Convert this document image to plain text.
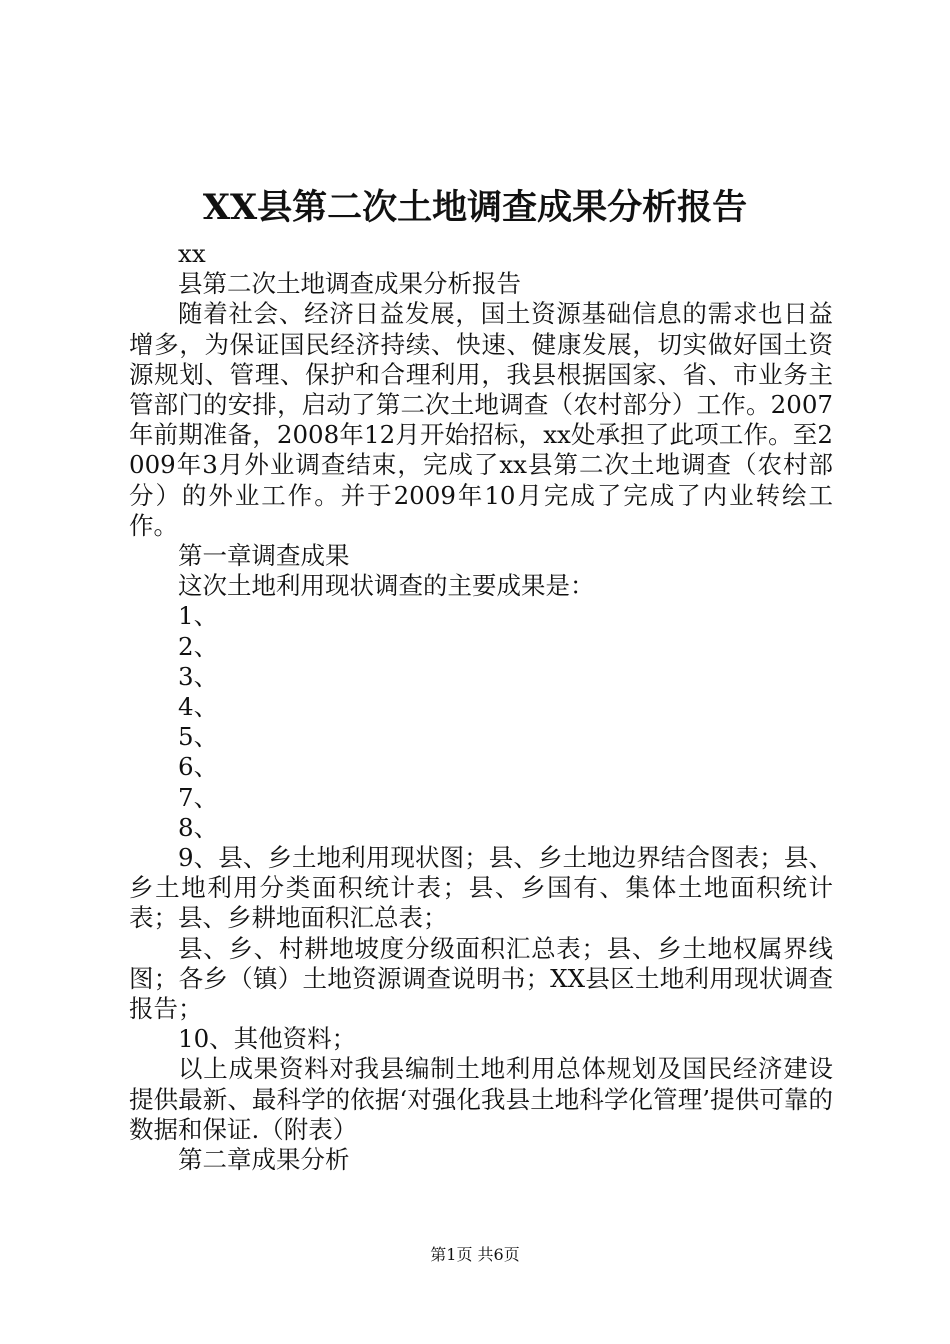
XX县第二次土地调查成果分析报告

xx

县第二次土地调查成果分析报告

随着社会、经济日益发展，国土资源基础信息的需求也日益增多，为保证国民经济持续、快速、健康发展，切实做好国土资源规划、管理、保护和合理利用，我县根据国家、省、市业务主管部门的安排，启动了第二次土地调查（农村部分）工作。2007年前期准备，2008年12月开始招标，xx处承担了此项工作。至2009年3月外业调查结束，完成了xx县第二次土地调查（农村部分）的外业工作。并于2009年10月完成了完成了内业转绘工作。

第一章调查成果

这次土地利用现状调查的主要成果是：

1、

2、

3、

4、

5、

6、

7、

8、

9、县、乡土地利用现状图；县、乡土地边界结合图表；县、乡土地利用分类面积统计表；县、乡国有、集体土地面积统计表；县、乡耕地面积汇总表；

县、乡、村耕地坡度分级面积汇总表；县、乡土地权属界线图；各乡（镇）土地资源调查说明书；XX县区土地利用现状调查报告；

10、其他资料；

以上成果资料对我县编制土地利用总体规划及国民经济建设提供最新、最科学的依据‘对强化我县土地科学化管理’提供可靠的数据和保证.（附表）

第二章成果分析

第1页 共6页
